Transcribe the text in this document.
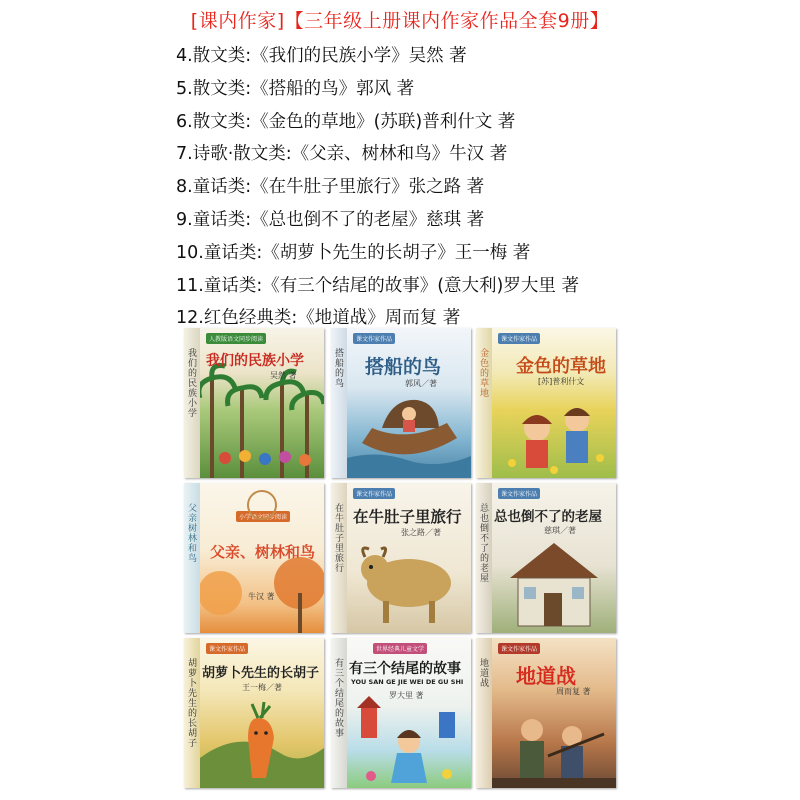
[课内作家]【三年级上册课内作家作品全套9册】
4.散文类:《我们的民族小学》吴然 著
5.散文类:《搭船的鸟》郭风 著
6.散文类:《金色的草地》(苏联)普利什文 著
7.诗歌·散文类:《父亲、树林和鸟》牛汉 著
8.童话类:《在牛肚子里旅行》张之路 著
9.童话类:《总也倒不了的老屋》慈琪 著
10.童话类:《胡萝卜先生的长胡子》王一梅 著
11.童话类:《有三个结尾的故事》(意大利)罗大里 著
12.红色经典类:《地道战》周而复 著
我们的民族小学
人教版语文同步阅读
我们的民族小学
吴然 著	搭船的鸟
课文作家作品
搭船的鸟
郭风／著	金色的草地
课文作家作品
金色的草地
[苏]普利什文
父亲树林和鸟	小学语文同步阅读
父亲、树林和鸟
牛汉 著
在牛肚子里旅行
课文作家作品
在牛肚子里旅行
张之路／著	总也倒不了的老屋
课文作家作品
总也倒不了的老屋
慈琪／著
胡萝卜先生的长胡子
课文作家作品
胡萝卜先生的长胡子
王一梅／著	有三个结尾的故事
世界经典儿童文学
有三个结尾的故事
YOU SAN GE JIE WEI DE GU SHI
罗大里 著
地道战
课文作家作品
地道战
周而复 著
